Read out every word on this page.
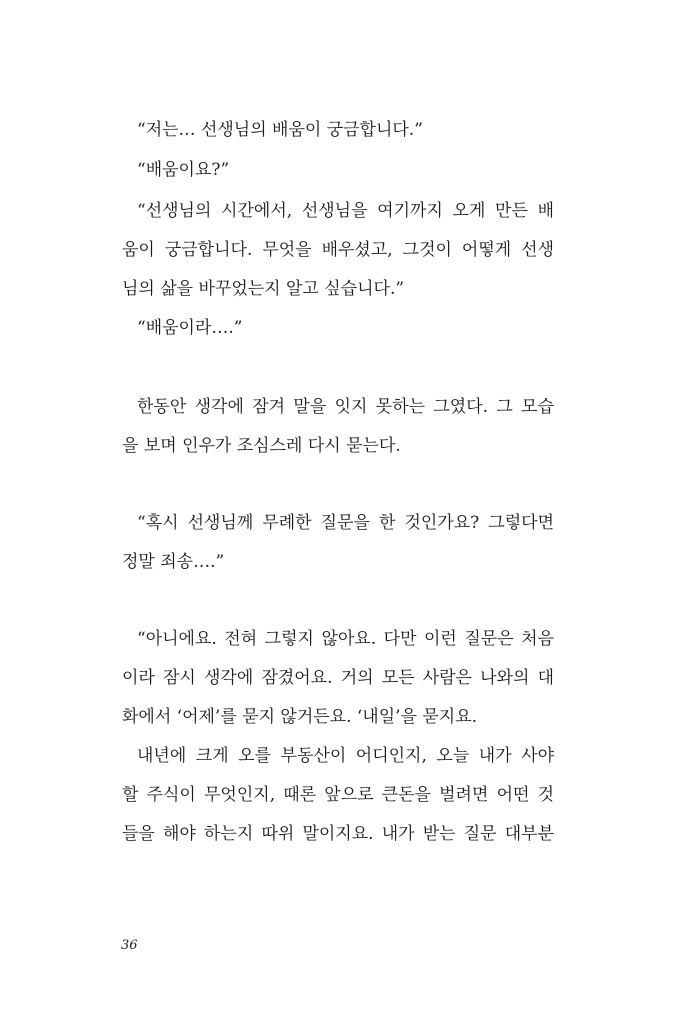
“저는… 선생님의 배움이 궁금합니다.”
“배움이요?”
“선생님의 시간에서, 선생님을 여기까지 오게 만든 배
움이 궁금합니다. 무엇을 배우셨고, 그것이 어떻게 선생
님의 삶을 바꾸었는지 알고 싶습니다.”
“배움이라….”
한동안 생각에 잠겨 말을 잇지 못하는 그였다. 그 모습
을 보며 인우가 조심스레 다시 묻는다.
“혹시 선생님께 무례한 질문을 한 것인가요? 그렇다면
정말 죄송….”
“아니에요. 전혀 그렇지 않아요. 다만 이런 질문은 처음
이라 잠시 생각에 잠겼어요. 거의 모든 사람은 나와의 대
화에서 ‘어제’를 묻지 않거든요. ‘내일’을 묻지요.
내년에 크게 오를 부동산이 어디인지, 오늘 내가 사야
할 주식이 무엇인지, 때론 앞으로 큰돈을 벌려면 어떤 것
들을 해야 하는지 따위 말이지요. 내가 받는 질문 대부분
36
